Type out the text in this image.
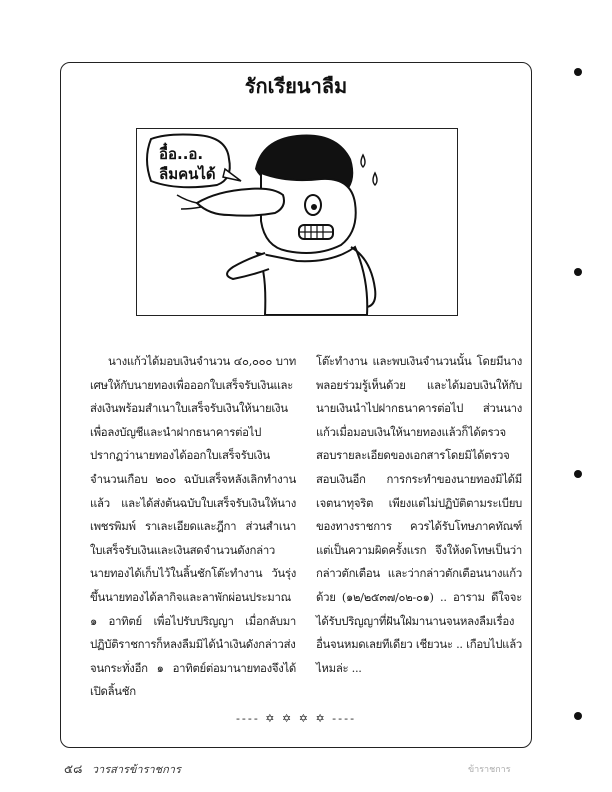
รักเรียนาลืม
อื๋อ..อ.
ลืมคนได้

นางแก้วได้มอบเงินจำนวน ๔๐,๐๐๐ บาท เศษให้กับนายทองเพื่อออกใบเสร็จรับเงินและส่งเงินพร้อมสำเนาใบเสร็จรับเงินให้นายเงินเพื่อลงบัญชีและนำฝากธนาคารต่อไป ปรากฏว่านายทองได้ออกใบเสร็จรับเงินจำนวนเกือบ ๒๐๐ ฉบับเสร็จหลังเลิกทำงานแล้ว และได้ส่งต้นฉบับใบเสร็จรับเงินให้นางเพชรพิมพ์ ราเละเอียดและฎีกา ส่วนสำเนาใบเสร็จรับเงินและเงินสดจำนวนดังกล่าว นายทองได้เก็บไว้ในลิ้นชักโต๊ะทำงาน วันรุ่งขึ้นนายทองได้ลากิจและลาพักผ่อนประมาณ ๑ อาทิตย์ เพื่อไปรับปริญญา เมื่อกลับมาปฏิบัติราชการก็หลงลืมมิได้นำเงินดังกล่าวส่ง จนกระทั่งอีก ๑ อาทิตย์ต่อมานายทองจึงได้เปิดลิ้นชัก

โต๊ะทำงาน และพบเงินจำนวนนั้น โดยมีนางพลอยร่วมรู้เห็นด้วย และได้มอบเงินให้กับนายเงินนำไปฝากธนาคารต่อไป ส่วนนางแก้วเมื่อมอบเงินให้นายทองแล้วก็ได้ตรวจสอบรายละเอียดของเอกสารโดยมิได้ตรวจสอบเงินอีก การกระทำของนายทองมิได้มีเจตนาทุจริต เพียงแต่ไม่ปฏิบัติตามระเบียบของทางราชการ ควรได้รับโทษภาคทัณฑ์ แต่เป็นความผิดครั้งแรก จึงให้งดโทษเป็นว่ากล่าวตักเตือน และว่ากล่าวตักเตือนนางแก้วด้วย (๑๒/๒๕๓๗/๐๒-๐๑) .. อาราม ดีใจจะได้รับปริญญาที่ฝันใฝ่มานานจนหลงลืมเรื่องอื่นจนหมดเลยทีเดียว เชียวนะ .. เกือบไปแล้วไหมล่ะ ...

---- ✡ ✡ ✡ ✡ ----
๕๘ วารสารข้าราชการ	ข้าราชการ
